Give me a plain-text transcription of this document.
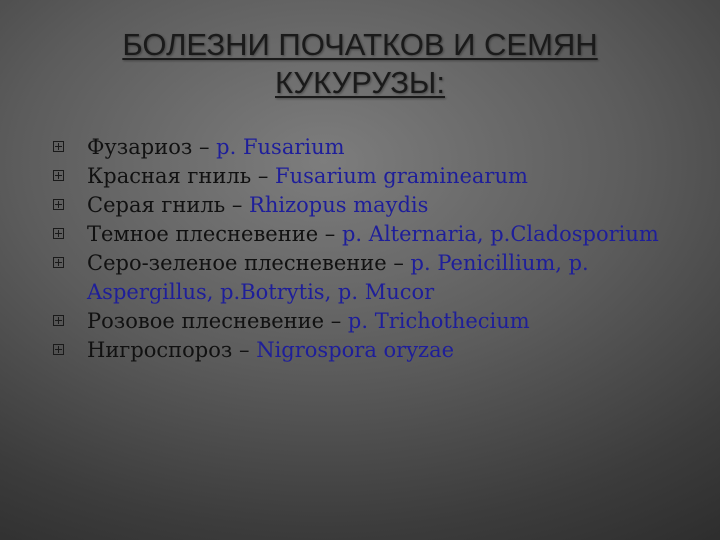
БОЛЕЗНИ ПОЧАТКОВ И СЕМЯН
КУКУРУЗЫ:
Фузариоз – р. Fusarium
Красная гниль – Fusarium graminearum
Серая гниль – Rhizopus maydis
Темное плесневение – р. Alternaria, р.Cladosporium
Серо-зеленое плесневение – р. Penicillium, р. Aspergillus, р.Botrytis, р. Mucor
Розовое плесневение – р. Trichothecium
Нигроспороз – Nigrospora oryzae
